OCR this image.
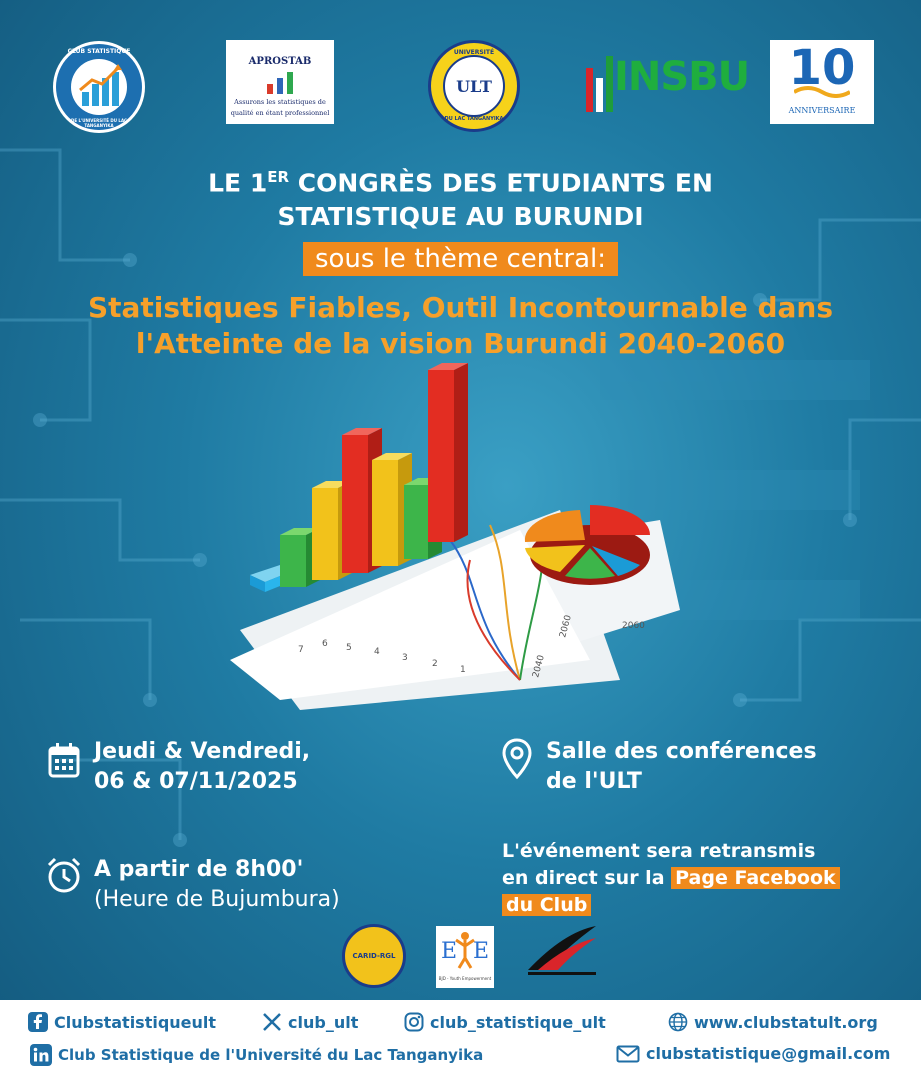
CLUB STATISTIQUE
DE L'UNIVERSITÉ DU LAC TANGANYIKA
APROSTAB
Assurons les statistiques de
qualité en étant professionnel
ULT
UNIVERSITÉ
DU LAC TANGANYIKA
INSBU 10
ANNIVERSAIRE
LE 1ER CONGRÈS DES ETUDIANTS EN
STATISTIQUE AU BURUNDI
sous le thème central:
Statistiques Fiables, Outil Incontournable dans
l'Atteinte de la vision Burundi 2040-2060
7
6 5 4
3
2
1	2040
2060	2060
Jeudi & Vendredi,
06 & 07/11/2025
Salle des conférences
de l'ULT
A partir de 8h00'
(Heure de Bujumbura)
L'événement sera retransmis
en direct sur la Page Facebook
du Club
CARID-RGL E E
BJD - Youth Empowerment
Clubstatistiqueult	club_ult	club_statistique_ult	www.clubstatult.org
Club Statistique de l'Université du Lac Tanganyika	clubstatistique@gmail.com
